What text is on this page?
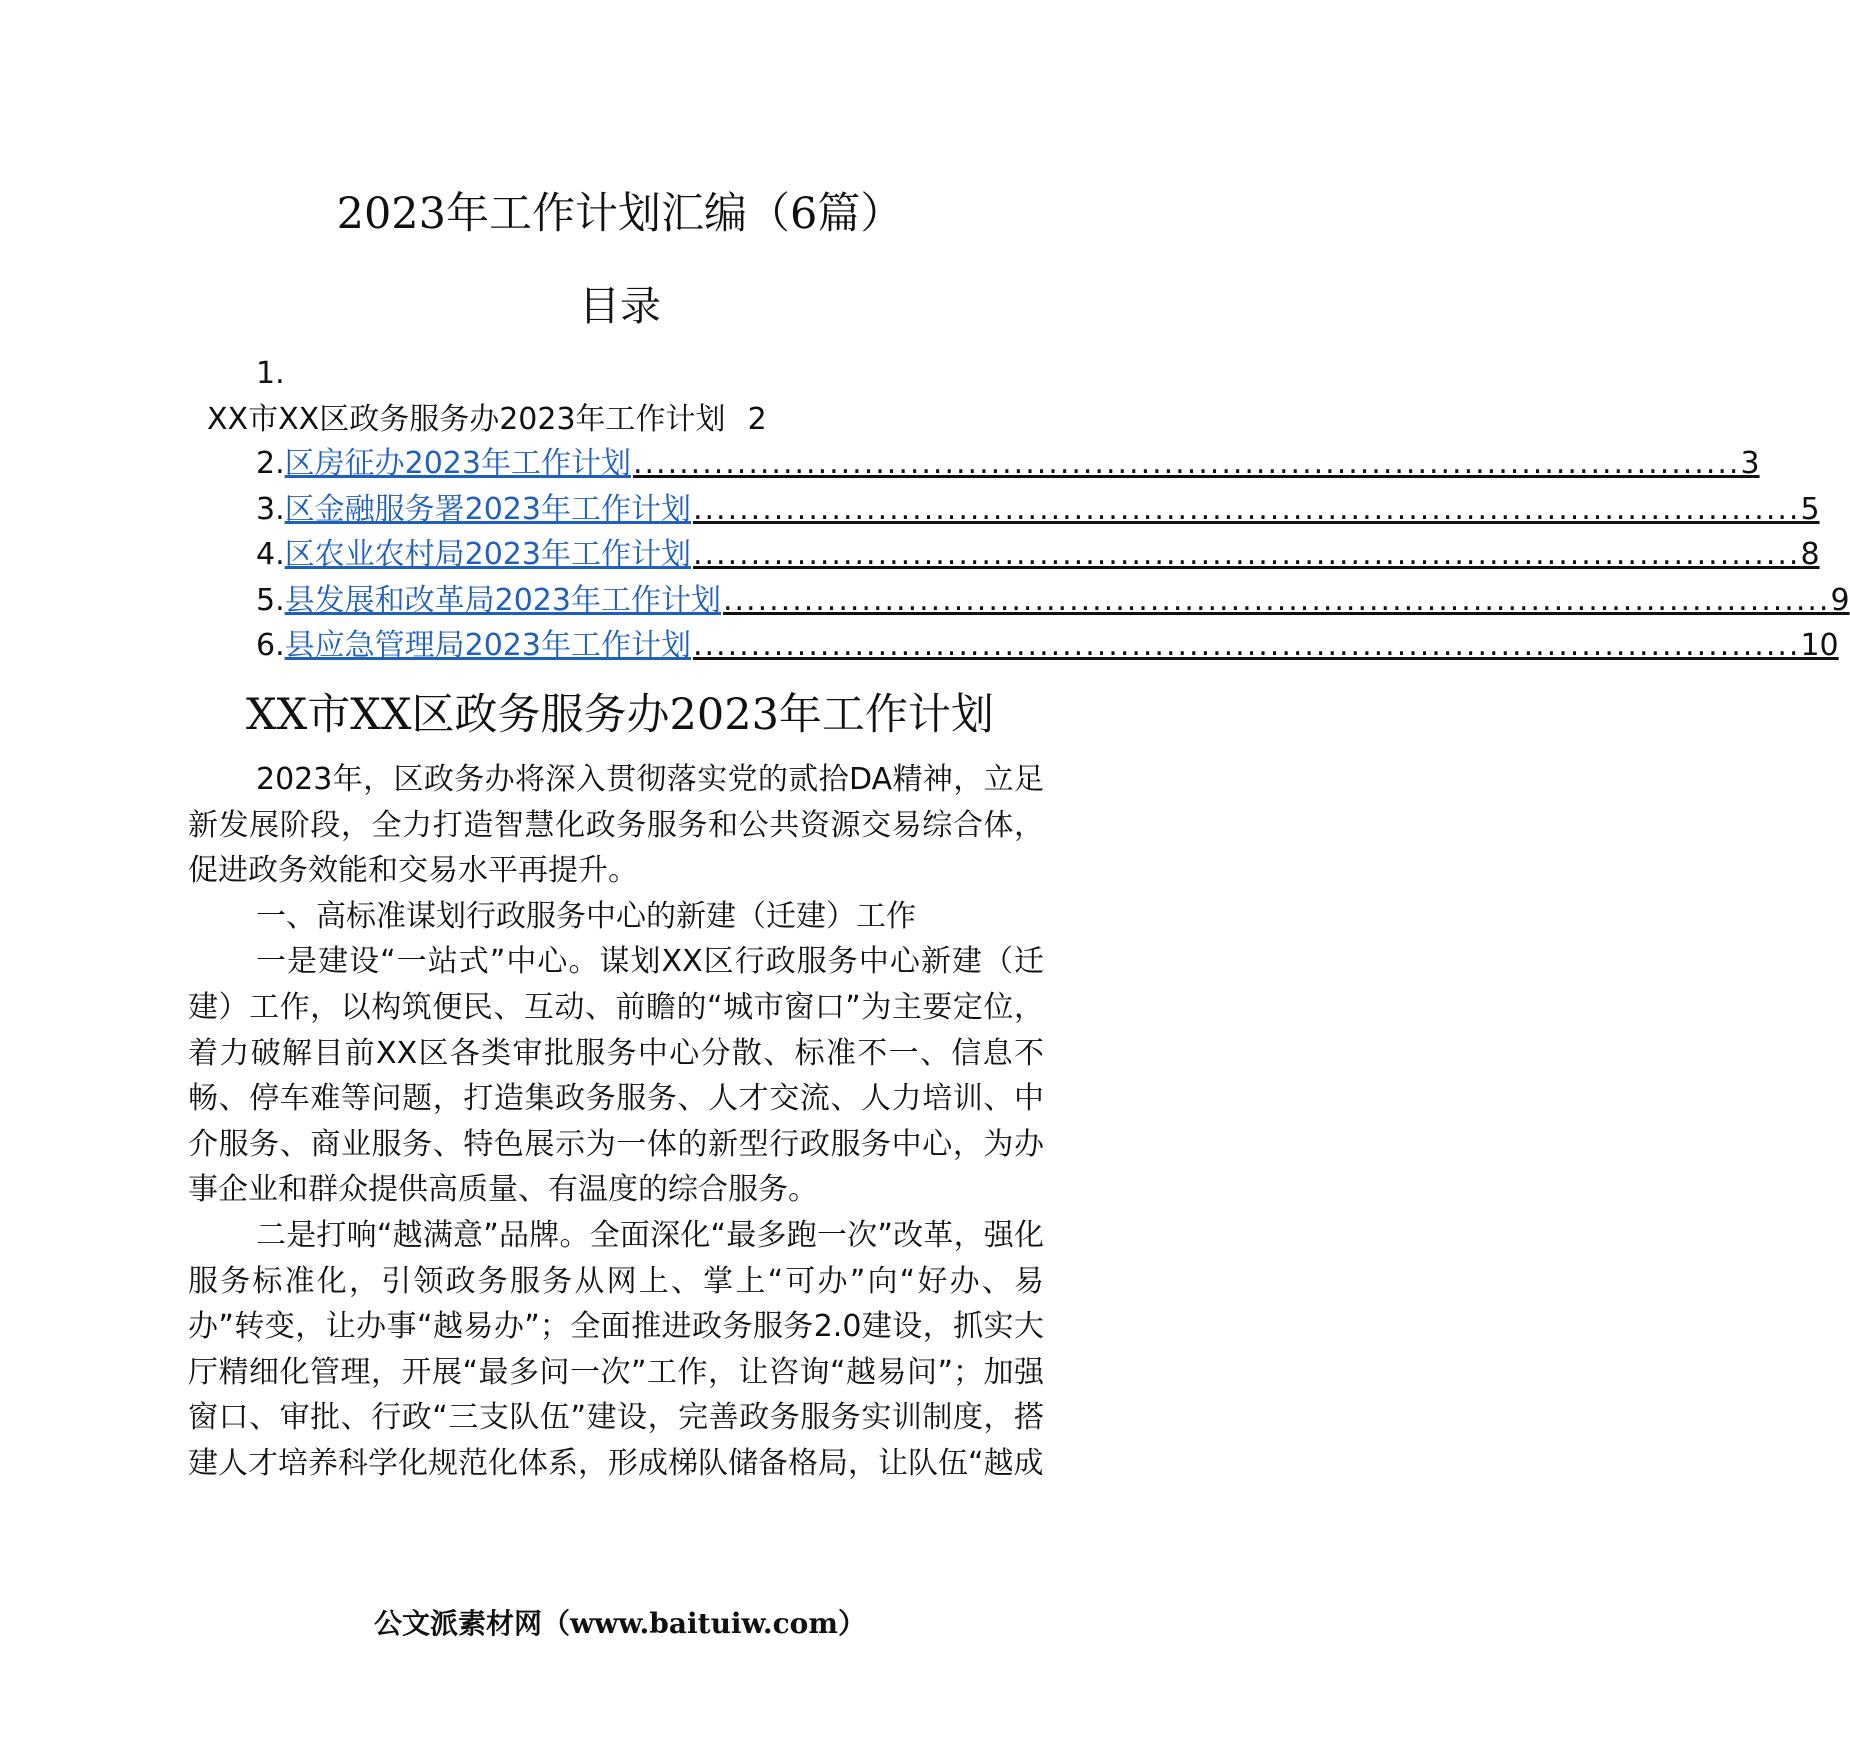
2023年工作计划汇编（6篇）
目录
1.
XX市XX区政务服务办2023年工作计划 2
2. 区房征办2023年工作计划 ................................................................................................ 3
3. 区金融服务署2023年工作计划 ................................................................................................ 5
4. 区农业农村局2023年工作计划 ................................................................................................ 8
5. 县发展和改革局2023年工作计划 ................................................................................................ 9
6. 县应急管理局2023年工作计划 ................................................................................................ 10
XX市XX区政务服务办2023年工作计划

2023年，区政务办将深入贯彻落实党的贰拾DA精神，立足新发展阶段，全力打造智慧化政务服务和公共资源交易综合体，促进政务效能和交易水平再提升。

一、高标准谋划行政服务中心的新建（迁建）工作

一是建设“一站式”中心。谋划XX区行政服务中心新建（迁建）工作，以构筑便民、互动、前瞻的“城市窗口”为主要定位，着力破解目前XX区各类审批服务中心分散、标准不一、信息不畅、停车难等问题，打造集政务服务、人才交流、人力培训、中介服务、商业服务、特色展示为一体的新型行政服务中心，为办事企业和群众提供高质量、有温度的综合服务。

二是打响“越满意”品牌。全面深化“最多跑一次”改革，强化服务标准化，引领政务服务从网上、掌上“可办”向“好办、易办”转变，让办事“越易办”；全面推进政务服务2.0建设，抓实大厅精细化管理，开展“最多问一次”工作，让咨询“越易问”；加强窗口、审批、行政“三支队伍”建设，完善政务服务实训制度，搭建人才培养科学化规范化体系，形成梯队储备格局，让队伍“越成

公文派素材网（www.baituiw.com）
